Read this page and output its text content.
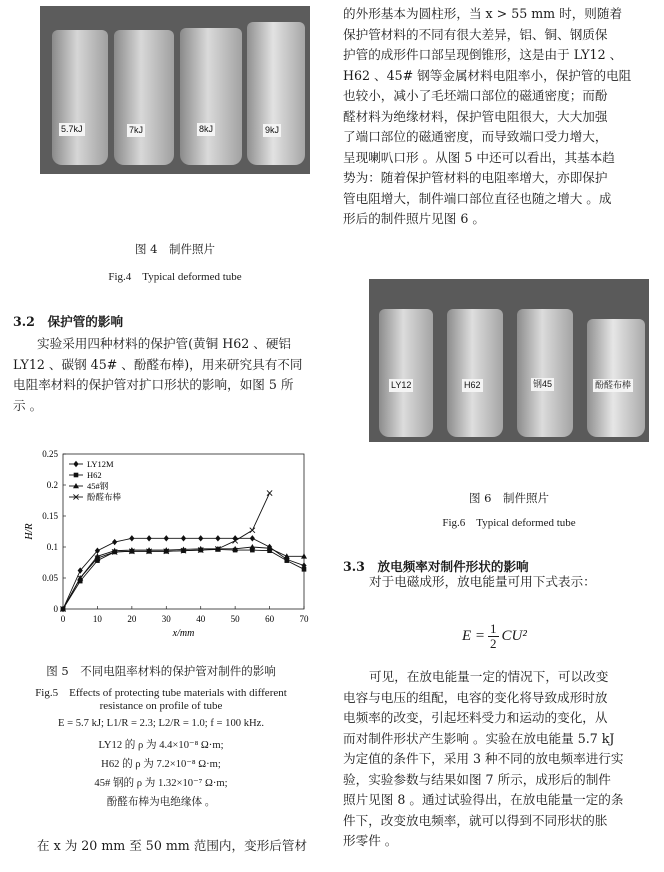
5.7kJ	7kJ	8kJ	9kJ
图 4　制件照片
Fig.4　Typical deformed tube
3.2　保护管的影响

实验采用四种材料的保护管(黄铜 H62 、硬铝

LY12 、碳钢 45# 、酚醛布棒)，用来研究具有不同

电阻率材料的保护管对扩口形状的影响，如图 5 所

示 。

0	10	20	30	40	50	60	70
0
0.05
0.1
0.15
0.2
0.25
x/mm
H/R
LY12M
H62
45#钢
酚醛布棒
图 5　不同电阻率材料的保护管对制件的影响
Fig.5　Effects of protecting tube materials with different
resistance on profile of tube
E = 5.7 kJ; L1/R = 2.3; L2/R = 1.0; f = 100 kHz.
LY12 的 ρ 为 4.4×10⁻⁸ Ω·m;
H62 的 ρ 为 7.2×10⁻⁸ Ω·m;
45# 钢的 ρ 为 1.32×10⁻⁷ Ω·m;
酚醛布棒为电绝缘体 。

在 x 为 20 mm 至 50 mm 范围内，变形后管材

的外形基本为圆柱形，当 x > 55 mm 时，则随着

保护管材料的不同有很大差异，铝、铜、钢质保

护管的成形件口部呈现倒锥形，这是由于 LY12 、

H62 、45# 钢等金属材料电阻率小，保护管的电阻

也较小，减小了毛坯端口部位的磁通密度；而酚

醛材料为绝缘材料，保护管电阻很大，大大加强

了端口部位的磁通密度，而导致端口受力增大，

呈现喇叭口形 。从图 5 中还可以看出，其基本趋

势为：随着保护管材料的电阻率增大，亦即保护

管电阻增大，制件端口部位直径也随之增大 。成

形后的制件照片见图 6 。

LY12	H62	钢45	酚醛布棒
图 6　制件照片
Fig.6　Typical deformed tube
3.3　放电频率对制件形状的影响

对于电磁成形，放电能量可用下式表示：

$E = \frac{1}{2} CU^2$

可见，在放电能量一定的情况下，可以改变

电容与电压的组配，电容的变化将导致成形时放

电频率的改变，引起坯料受力和运动的变化，从

而对制件形状产生影响 。实验在放电能量 5.7 kJ

为定值的条件下，采用 3 种不同的放电频率进行实

验，实验参数与结果如图 7 所示，成形后的制件

照片见图 8 。通过试验得出，在放电能量一定的条

件下，改变放电频率，就可以得到不同形状的胀

形零件 。
